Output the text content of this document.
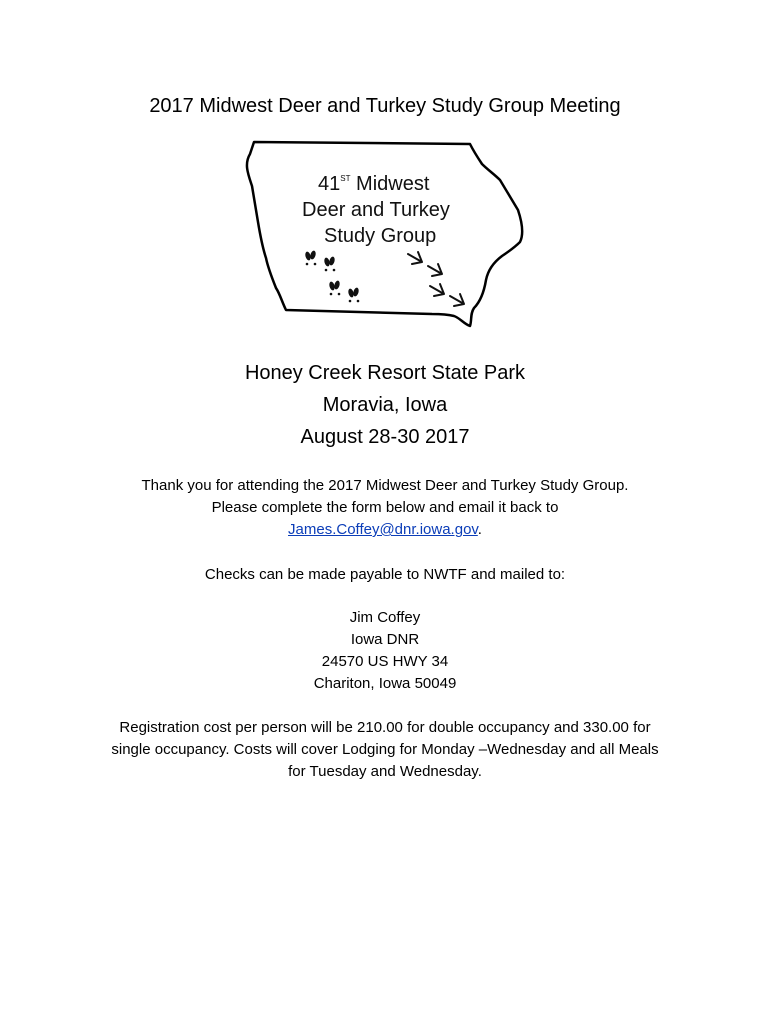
2017 Midwest Deer and Turkey Study Group Meeting
41ST Midwest
Deer and Turkey
Study Group
Honey Creek Resort State Park
Moravia, Iowa
August 28-30 2017
Thank you for attending the 2017 Midwest Deer and Turkey Study Group.
Please complete the form below and email it back to
James.Coffey@dnr.iowa.gov.
Checks can be made payable to NWTF and mailed to:
Jim Coffey
Iowa DNR
24570 US HWY 34
Chariton, Iowa 50049
Registration cost per person will be 210.00 for double occupancy and 330.00 for
single occupancy. Costs will cover Lodging for Monday –Wednesday and all Meals
for Tuesday and Wednesday.
